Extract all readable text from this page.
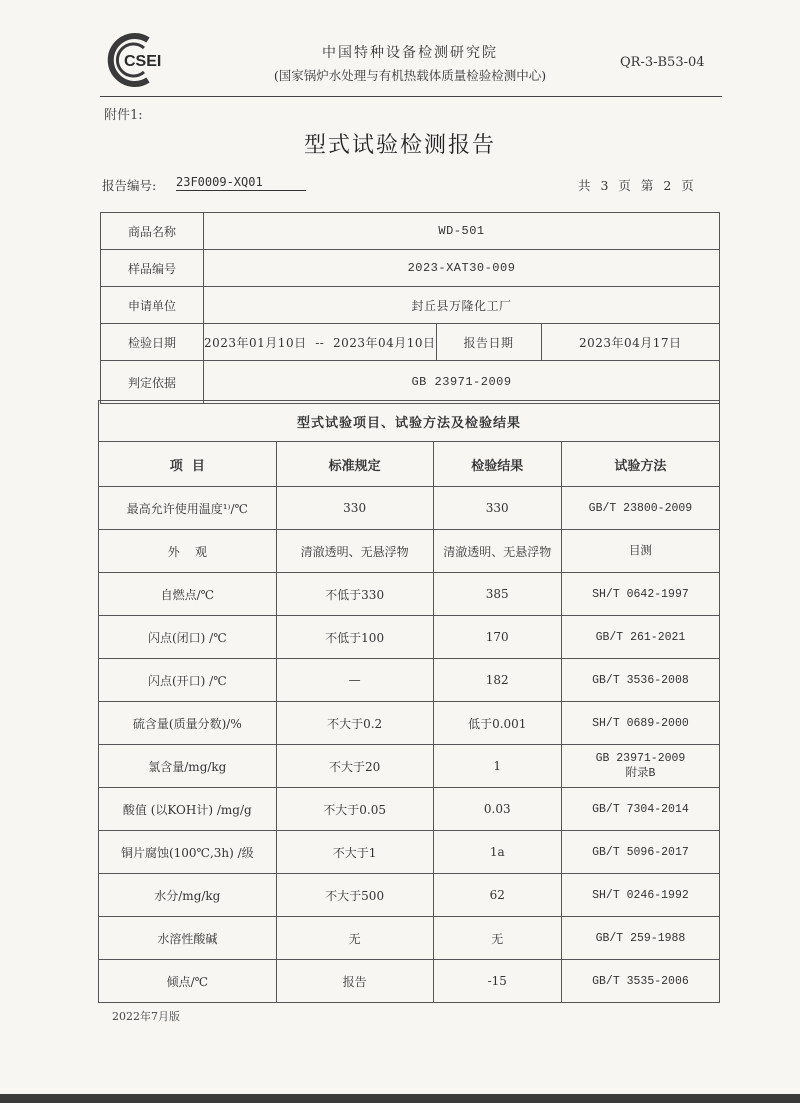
CSEI	中国特种设备检测研究院
(国家锅炉水处理与有机热载体质量检验检测中心)
QR-3-B53-04
附件1:
型式试验检测报告
报告编号: 23F0009-XQ01	共 3 页 第 2 页
商品名称	WD-501		
样品编号	2023-XAT30-009		
申请单位	封丘县万隆化工厂		
检验日期	2023年01月10日  --  2023年04月10日	报告日期	2023年04月17日
判定依据	GB 23971-2009		
型式试验项目、试验方法及检验结果			
项  目	标准规定	检验结果	试验方法
最高允许使用温度¹⁾/℃	330	330	GB/T 23800-2009

外    观	清澈透明、无悬浮物	清澈透明、无悬浮物	目测

自燃点/℃	不低于330	385	SH/T 0642-1997

闪点(闭口) /℃	不低于100	170	GB/T 261-2021

闪点(开口) /℃	—	182	GB/T 3536-2008

硫含量(质量分数)/%	不大于0.2	低于0.001	SH/T 0689-2000

氯含量/mg/kg	不大于20	1	GB 23971-2009
附录B

酸值 (以KOH计) /mg/g	不大于0.05	0.03	GB/T 7304-2014

铜片腐蚀(100℃,3h) /级	不大于1	1a	GB/T 5096-2017

水分/mg/kg	不大于500	62	SH/T 0246-1992

水溶性酸碱	无	无	GB/T 259-1988

倾点/℃	报告	-15	GB/T 3535-2006
2022年7月版
